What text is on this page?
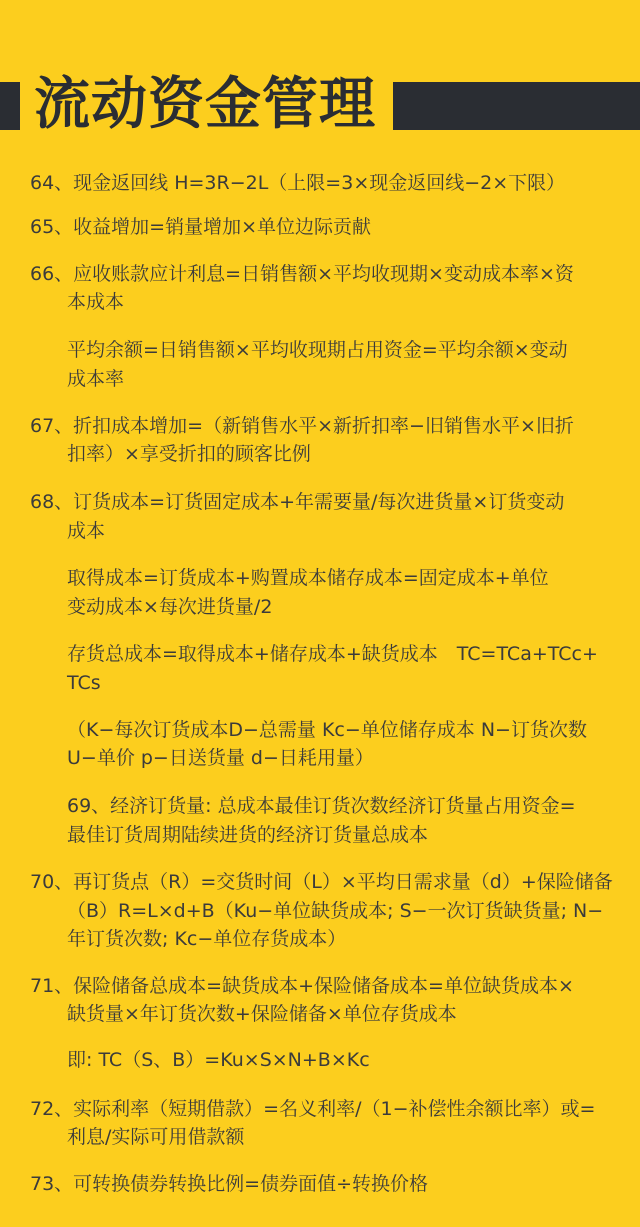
流动资金管理
64、现金返回线 H=3R−2L（上限=3×现金返回线−2×下限）
65、收益增加=销量增加×单位边际贡献
66、应收账款应计利息=日销售额×平均收现期×变动成本率×资
本成本
平均余额=日销售额×平均收现期占用资金=平均余额×变动
成本率
67、折扣成本增加=（新销售水平×新折扣率−旧销售水平×旧折
扣率）×享受折扣的顾客比例
68、订货成本=订货固定成本+年需要量/每次进货量×订货变动
成本
取得成本=订货成本+购置成本储存成本=固定成本+单位
变动成本×每次进货量/2
存货总成本=取得成本+储存成本+缺货成本　TC=TCa+TCc+
TCs
（K−每次订货成本D−总需量 Kc−单位储存成本 N−订货次数
U−单价 p−日送货量 d−日耗用量）
69、经济订货量: 总成本最佳订货次数经济订货量占用资金=
最佳订货周期陆续进货的经济订货量总成本
70、再订货点（R）=交货时间（L）×平均日需求量（d）+保险储备
（B）R=L×d+B（Ku−单位缺货成本; S−一次订货缺货量; N−
年订货次数; Kc−单位存货成本）
71、保险储备总成本=缺货成本+保险储备成本=单位缺货成本×
缺货量×年订货次数+保险储备×单位存货成本
即: TC（S、B）=Ku×S×N+B×Kc
72、实际利率（短期借款）=名义利率/（1−补偿性余额比率）或=
利息/实际可用借款额
73、可转换债券转换比例=债券面值÷转换价格
